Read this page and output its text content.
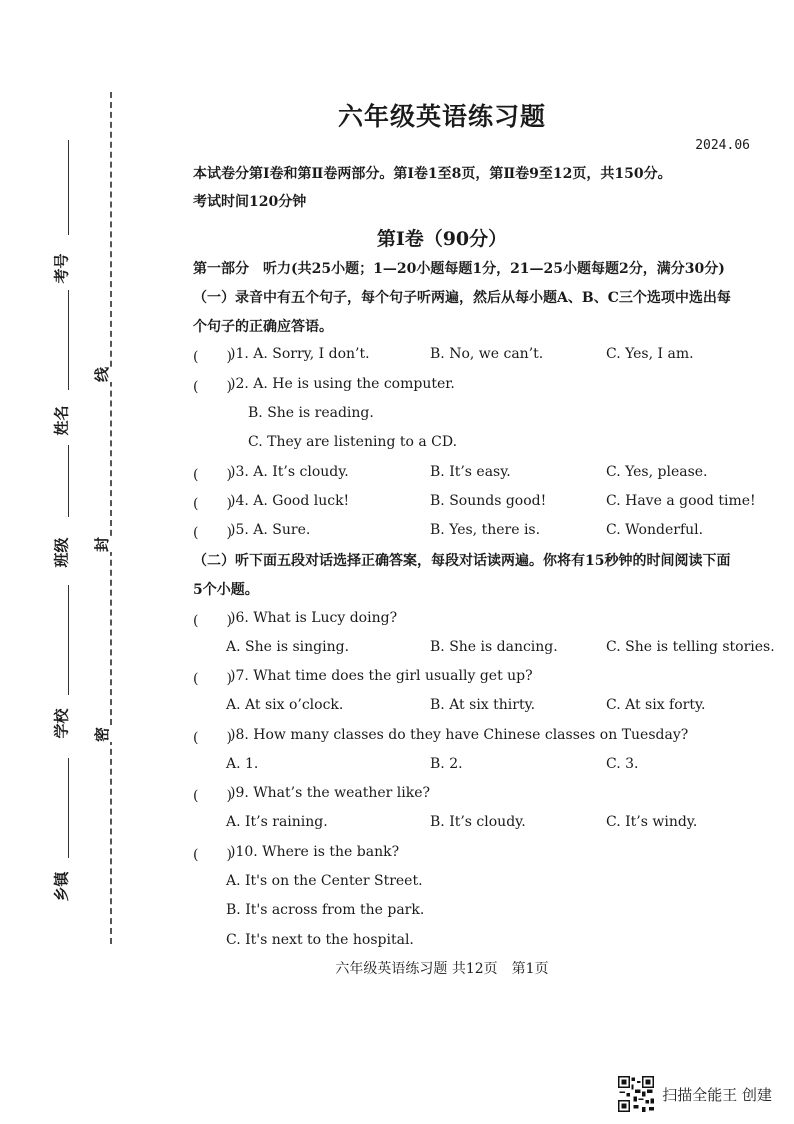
考号
姓名
班级
学校
乡镇
线
封
密
六年级英语练习题
2024.06
本试卷分第Ⅰ卷和第Ⅱ卷两部分。第Ⅰ卷1至8页，第Ⅱ卷9至12页，共150分。
考试时间120分钟
第Ⅰ卷（90分）
第一部分　听力(共25小题；1—20小题每题1分，21—25小题每题2分，满分30分)
（一）录音中有五个句子，每个句子听两遍，然后从每小题A、B、C三个选项中选出每
个句子的正确应答语。
(　　)
)1. A. Sorry, I don’t.	B. No, we can’t.	C. Yes, I am.
(　　)
)2. A. He is using the computer.
B. She is reading.
C. They are listening to a CD.
(　　)
)3. A. It’s cloudy.	B. It’s easy.	C. Yes, please.
(　　)
)4. A. Good luck!	B. Sounds good!	C. Have a good time!
(　　)
)5. A. Sure.	B. Yes, there is.	C. Wonderful.
（二）听下面五段对话选择正确答案，每段对话读两遍。你将有15秒钟的时间阅读下面
5个小题。
(　　)
)6. What is Lucy doing?
A. She is singing.	B. She is dancing.	C. She is telling stories.
(　　)
)7. What time does the girl usually get up?
A. At six o’clock.	B. At six thirty.	C. At six forty.
(　　)
)8. How many classes do they have Chinese classes on Tuesday?
A. 1.	B. 2.	C. 3.
(　　)
)9. What’s the weather like?
A. It’s raining.	B. It’s cloudy.	C. It’s windy.
(　　)
)10. Where is the bank?
A. It's on the Center Street.
B. It's across from the park.
C. It's next to the hospital.
六年级英语练习题 共12页　第1页
扫描全能王 创建
